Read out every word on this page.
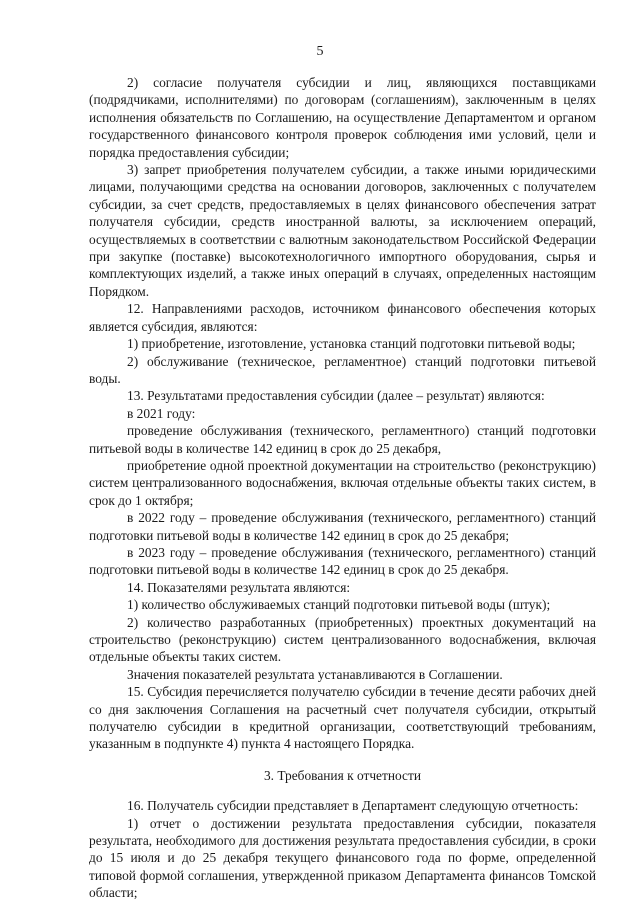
5

2) согласие получателя субсидии и лиц, являющихся поставщиками (подрядчиками, исполнителями) по договорам (соглашениям), заключенным в целях исполнения обязательств по Соглашению, на осуществление Департаментом и органом государственного финансового контроля проверок соблюдения ими условий, цели и порядка предоставления субсидии;

3) запрет приобретения получателем субсидии, а также иными юридическими лицами, получающими средства на основании договоров, заключенных с получателем субсидии, за счет средств, предоставляемых в целях финансового обеспечения затрат получателя субсидии, средств иностранной валюты, за исключением операций, осуществляемых в соответствии с валютным законодательством Российской Федерации при закупке (поставке) высокотехнологичного импортного оборудования, сырья и комплектующих изделий, а также иных операций в случаях, определенных настоящим Порядком.

12. Направлениями расходов, источником финансового обеспечения которых является субсидия, являются:

1) приобретение, изготовление, установка станций подготовки питьевой воды;

2) обслуживание (техническое, регламентное) станций подготовки питьевой воды.

13. Результатами предоставления субсидии (далее – результат) являются:

в 2021 году:

проведение обслуживания (технического, регламентного) станций подготовки питьевой воды в количестве 142 единиц в срок до 25 декабря,

приобретение одной проектной документации на строительство (реконструкцию) систем централизованного водоснабжения, включая отдельные объекты таких систем, в срок до 1 октября;

в 2022 году – проведение обслуживания (технического, регламентного) станций подготовки питьевой воды в количестве 142 единиц в срок до 25 декабря;

в 2023 году – проведение обслуживания (технического, регламентного) станций подготовки питьевой воды в количестве 142 единиц в срок до 25 декабря.

14. Показателями результата являются:

1) количество обслуживаемых станций подготовки питьевой воды (штук);

2) количество разработанных (приобретенных) проектных документаций на строительство (реконструкцию) систем централизованного водоснабжения, включая отдельные объекты таких систем.

Значения показателей результата устанавливаются в Соглашении.

15. Субсидия перечисляется получателю субсидии в течение десяти рабочих дней со дня заключения Соглашения на расчетный счет получателя субсидии, открытый получателю субсидии в кредитной организации, соответствующий требованиям, указанным в подпункте 4) пункта 4 настоящего Порядка.

3. Требования к отчетности

16. Получатель субсидии представляет в Департамент следующую отчетность:

1) отчет о достижении результата предоставления субсидии, показателя результата, необходимого для достижения результата предоставления субсидии, в сроки до 15 июля и до 25 декабря текущего финансового года по форме, определенной типовой формой соглашения, утвержденной приказом Департамента финансов Томской области;
